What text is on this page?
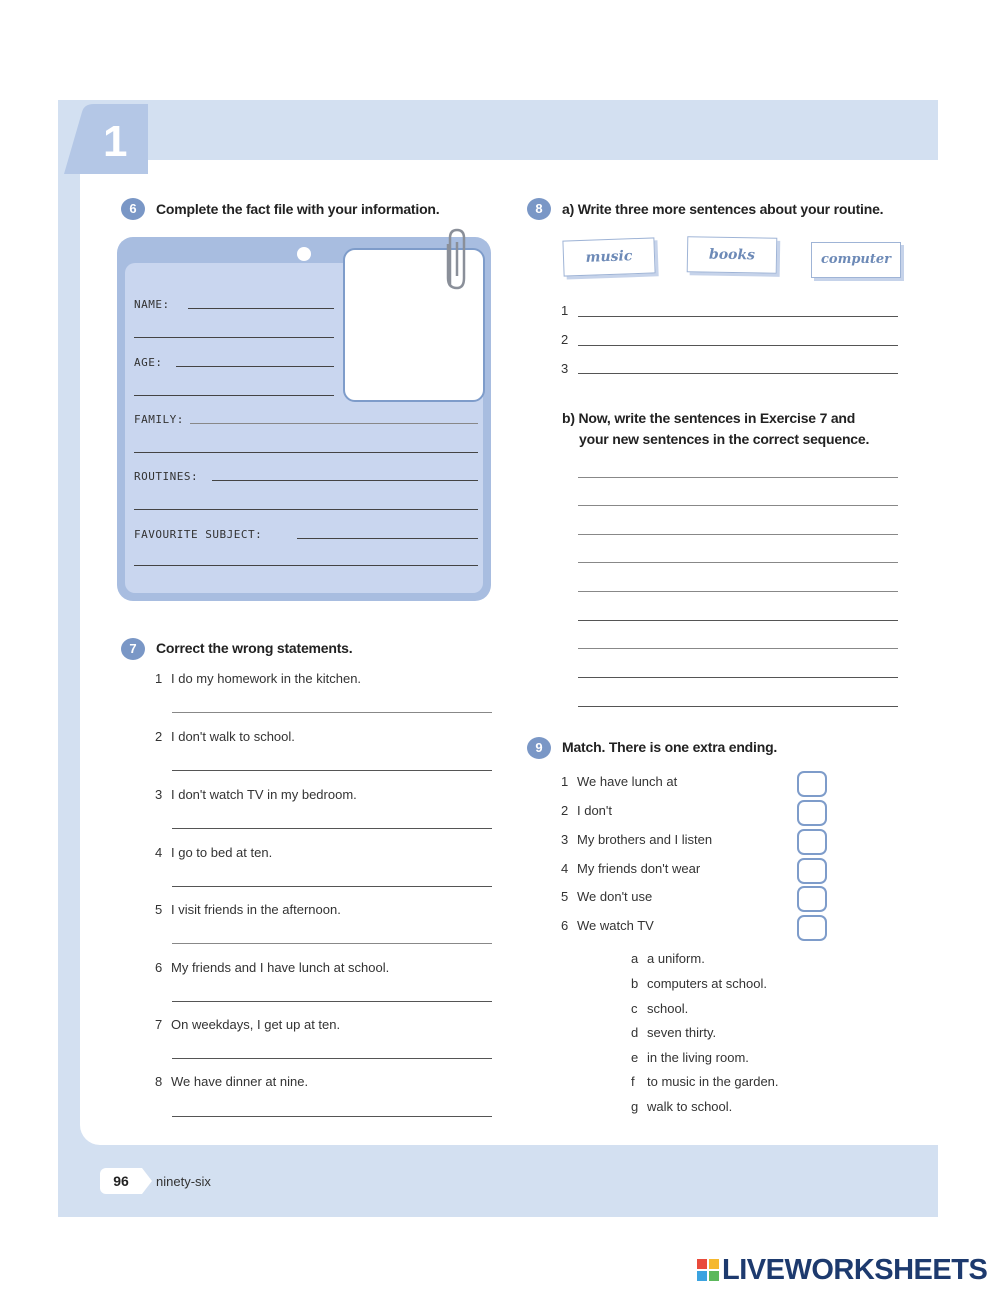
1
6	Complete the fact file with your information.
NAME:
AGE:
FAMILY:
ROUTINES:
FAVOURITE SUBJECT:
7	Correct the wrong statements.
1 I do my homework in the kitchen.
2 I don't walk to school.
3 I don't watch TV in my bedroom.
4 I go to bed at ten.
5 I visit friends in the afternoon.
6 My friends and I have lunch at school.
7 On weekdays, I get up at ten.
8 We have dinner at nine.
8	a) Write three more sentences about your routine.
music	books	computer
1
2
3
b) Now, write the sentences in Exercise 7 and
your new sentences in the correct sequence.
9	Match. There is one extra ending.
1 We have lunch at
2 I don't
3 My brothers and I listen
4 My friends don't wear
5 We don't use
6 We watch TV
a a uniform.
b computers at school.
c school.
d seven thirty.
e in the living room.
f to music in the garden.
g walk to school.
96	ninety-six
LIVEWORKSHEETS
